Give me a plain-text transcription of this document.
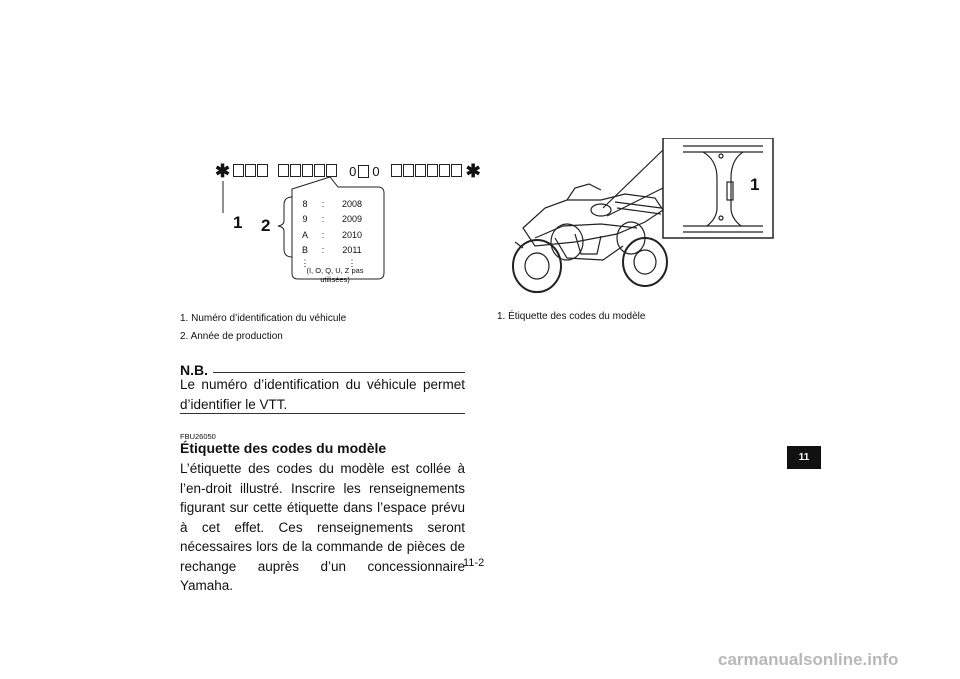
✱	0 0	✱
1 2
8	:	2008
9	:	2009
A	:	2010
B	:	2011
⋮	⋮
(I, O, Q, U, Z pas utilisées)
1. Numéro d’identification du véhicule
2. Année de production
N.B.
Le numéro d’identification du véhicule permet d’identifier le VTT.
FBU26050
Étiquette des codes du modèle
L’étiquette des codes du modèle est collée à l’en-droit illustré. Inscrire les renseignements figurant sur cette étiquette dans l’espace prévu à cet effet. Ces renseignements seront nécessaires lors de la commande de pièces de rechange auprès d’un concessionnaire Yamaha.
1
1. Étiquette des codes du modèle
11-2
11
carmanualsonline.info
